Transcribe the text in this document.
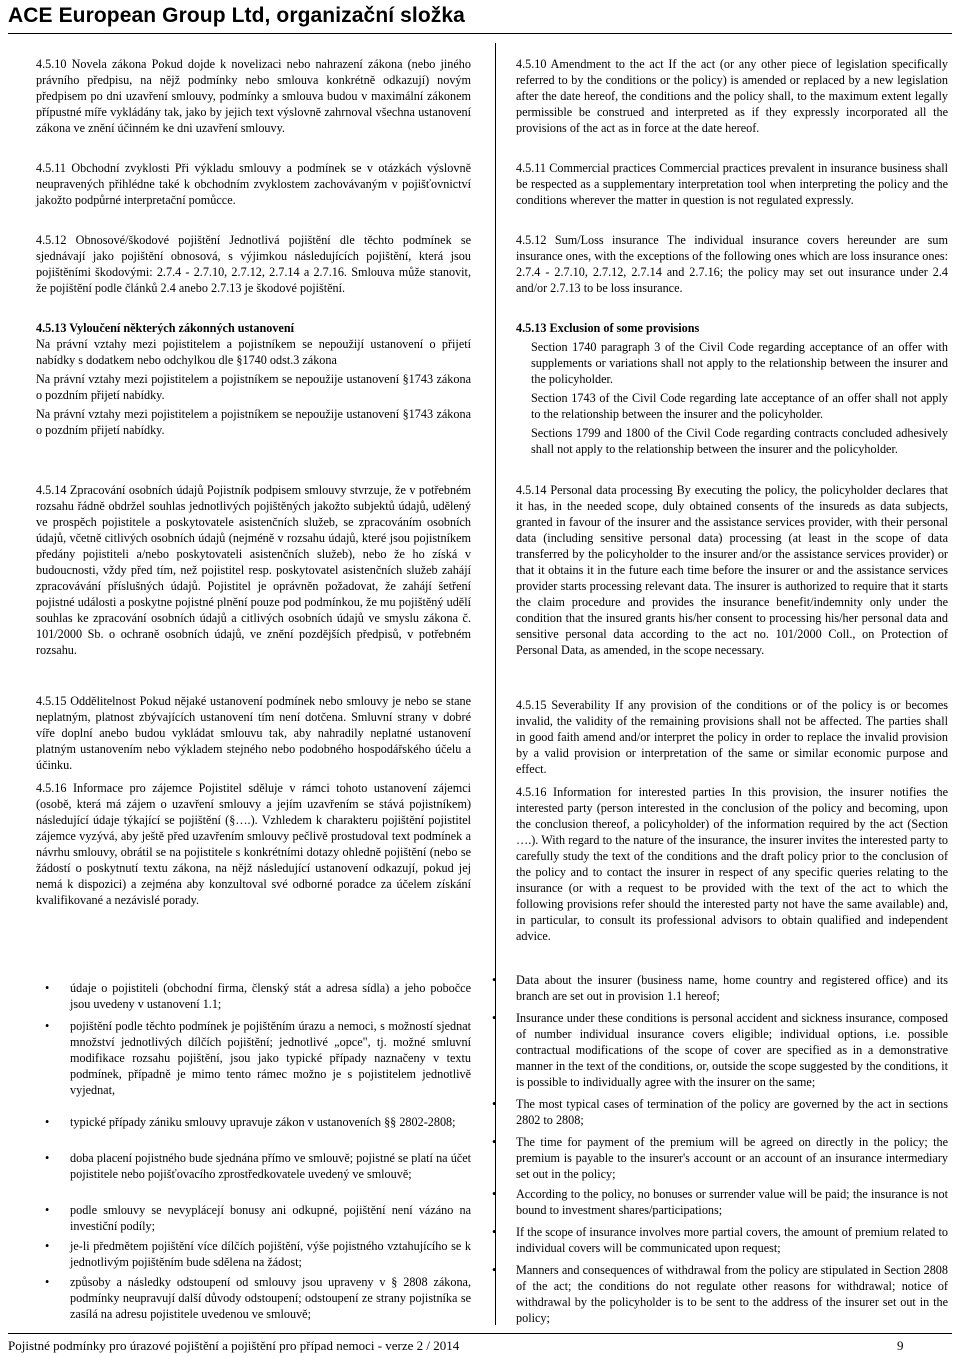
ACE European Group Ltd, organizační složka

4.5.10 Novela zákona Pokud dojde k novelizaci nebo nahrazení zákona (nebo jiného právního předpisu, na nějž podmínky nebo smlouva konkrétně odkazují) novým předpisem po dni uzavření smlouvy, podmínky a smlouva budou v maximální zákonem přípustné míře vykládány tak, jako by jejich text výslovně zahrnoval všechna ustanovení zákona ve znění účinném ke dni uzavření smlouvy.

4.5.11 Obchodní zvyklosti Při výkladu smlouvy a podmínek se v otázkách výslovně neupravených přihlédne také k obchodním zvyklostem zachovávaným v pojišťovnictví jakožto podpůrné interpretační pomůcce.

4.5.12 Obnosové/škodové pojištění Jednotlivá pojištění dle těchto podmínek se sjednávají jako pojištění obnosová, s výjimkou následujících pojištění, která jsou pojištěními škodovými: 2.7.4 - 2.7.10, 2.7.12, 2.7.14 a 2.7.16. Smlouva může stanovit, že pojištění podle článků 2.4 anebo 2.7.13 je škodové pojištění.

4.5.13 Vyloučení některých zákonných ustanovení

Na právní vztahy mezi pojistitelem a pojistníkem se nepoužijí ustanovení o přijetí nabídky s dodatkem nebo odchylkou dle §1740 odst.3 zákona

Na právní vztahy mezi pojistitelem a pojistníkem se nepoužije ustanovení §1743 zákona o pozdním přijetí nabídky.

Na právní vztahy mezi pojistitelem a pojistníkem se nepoužije ustanovení §1743 zákona o pozdním přijetí nabídky.

4.5.14 Zpracování osobních údajů Pojistník podpisem smlouvy stvrzuje, že v potřebném rozsahu řádně obdržel souhlas jednotlivých pojištěných jakožto subjektů údajů, udělený ve prospěch pojistitele a poskytovatele asistenčních služeb, se zpracováním osobních údajů, včetně citlivých osobních údajů (nejméně v rozsahu údajů, které jsou pojistníkem předány pojistiteli a/nebo poskytovateli asistenčních služeb), nebo že ho získá v budoucnosti, vždy před tím, než pojistitel resp. poskytovatel asistenčních služeb zahájí zpracovávání příslušných údajů. Pojistitel je oprávněn požadovat, že zahájí šetření pojistné události a poskytne pojistné plnění pouze pod podmínkou, že mu pojištěný udělí souhlas ke zpracování osobních údajů a citlivých osobních údajů ve smyslu zákona č. 101/2000 Sb. o ochraně osobních údajů, ve znění pozdějších předpisů, v potřebném rozsahu.

4.5.15 Oddělitelnost Pokud nějaké ustanovení podmínek nebo smlouvy je nebo se stane neplatným, platnost zbývajících ustanovení tím není dotčena. Smluvní strany v dobré víře doplní anebo budou vykládat smlouvu tak, aby nahradily neplatné ustanovení platným ustanovením nebo výkladem stejného nebo podobného hospodářského účelu a účinku.

4.5.16 Informace pro zájemce Pojistitel sděluje v rámci tohoto ustanovení zájemci (osobě, která má zájem o uzavření smlouvy a jejím uzavřením se stává pojistníkem) následující údaje týkající se pojištění (§….). Vzhledem k charakteru pojištění pojistitel zájemce vyzývá, aby ještě před uzavřením smlouvy pečlivě prostudoval text podmínek a návrhu smlouvy, obrátil se na pojistitele s konkrétními dotazy ohledně pojištění (nebo se žádostí o poskytnutí textu zákona, na nějž následující ustanovení odkazují, pokud jej nemá k dispozici) a zejména aby konzultoval své odborné poradce za účelem získání kvalifikované a nezávislé porady.

• údaje o pojistiteli (obchodní firma, členský stát a adresa sídla) a jeho pobočce jsou uvedeny v ustanovení 1.1;

• pojištění podle těchto podmínek je pojištěním úrazu a nemoci, s možností sjednat množství jednotlivých dílčích pojištění; jednotlivé „opce", tj. možné smluvní modifikace rozsahu pojištění, jsou jako typické případy naznačeny v textu podmínek, případně je mimo tento rámec možno je s pojistitelem jednotlivě vyjednat,

• typické případy zániku smlouvy upravuje zákon v ustanoveních §§ 2802-2808;

• doba placení pojistného bude sjednána přímo ve smlouvě; pojistné se platí na účet pojistitele nebo pojišťovacího zprostředkovatele uvedený ve smlouvě;

• podle smlouvy se nevyplácejí bonusy ani odkupné, pojištění není vázáno na investiční podíly;

• je-li předmětem pojištění více dílčích pojištění, výše pojistného vztahujícího se k jednotlivým pojištěním bude sdělena na žádost;

• způsoby a následky odstoupení od smlouvy jsou upraveny v § 2808 zákona, podmínky neupravují další důvody odstoupení; odstoupení ze strany pojistníka se zasílá na adresu pojistitele uvedenou ve smlouvě;

4.5.10 Amendment to the act If the act (or any other piece of legislation specifically referred to by the conditions or the policy) is amended or replaced by a new legislation after the date hereof, the conditions and the policy shall, to the maximum extent legally permissible be construed and interpreted as if they expressly incorporated all the provisions of the act as in force at the date hereof.

4.5.11 Commercial practices Commercial practices prevalent in insurance business shall be respected as a supplementary interpretation tool when interpreting the policy and the conditions wherever the matter in question is not regulated expressly.

4.5.12 Sum/Loss insurance The individual insurance covers hereunder are sum insurance ones, with the exceptions of the following ones which are loss insurance ones: 2.7.4 - 2.7.10, 2.7.12, 2.7.14 and 2.7.16; the policy may set out insurance under 2.4 and/or 2.7.13 to be loss insurance.

4.5.13 Exclusion of some provisions

Section 1740 paragraph 3 of the Civil Code regarding acceptance of an offer with supplements or variations shall not apply to the relationship between the insurer and the policyholder.

Section 1743 of the Civil Code regarding late acceptance of an offer shall not apply to the relationship between the insurer and the policyholder.

Sections 1799 and 1800 of the Civil Code regarding contracts concluded adhesively shall not apply to the relationship between the insurer and the policyholder.

4.5.14 Personal data processing By executing the policy, the policyholder declares that it has, in the needed scope, duly obtained consents of the insureds as data subjects, granted in favour of the insurer and the assistance services provider, with their personal data (including sensitive personal data) processing (at least in the scope of data transferred by the policyholder to the insurer and/or the assistance services provider) or that it obtains it in the future each time before the insurer or and the assistance services provider starts processing relevant data. The insurer is authorized to require that it starts the claim procedure and provides the insurance benefit/indemnity only under the condition that the insured grants his/her consent to processing his/her personal data and sensitive personal data according to the act no. 101/2000 Coll., on Protection of Personal Data, as amended, in the scope necessary.

4.5.15 Severability If any provision of the conditions or of the policy is or becomes invalid, the validity of the remaining provisions shall not be affected. The parties shall in good faith amend and/or interpret the policy in order to replace the invalid provision by a valid provision or interpretation of the same or similar economic purpose and effect.

4.5.16 Information for interested parties In this provision, the insurer notifies the interested party (person interested in the conclusion of the policy and becoming, upon the conclusion thereof, a policyholder) of the information required by the act (Section ….). With regard to the nature of the insurance, the insurer invites the interested party to carefully study the text of the conditions and the draft policy prior to the conclusion of the policy and to contact the insurer in respect of any specific queries relating to the insurance (or with a request to be provided with the text of the act to which the following provisions refer should the interested party not have the same available) and, in particular, to consult its professional advisors to obtain qualified and independent advice.

• Data about the insurer (business name, home country and registered office) and its branch are set out in provision 1.1 hereof;

• Insurance under these conditions is personal accident and sickness insurance, composed of number individual insurance covers eligible; individual options, i.e. possible contractual modifications of the scope of cover are specified as in a demonstrative manner in the text of the conditions, or, outside the scope suggested by the conditions, it is possible to individually agree with the insurer on the same;

• The most typical cases of termination of the policy are governed by the act in sections 2802 to 2808;

• The time for payment of the premium will be agreed on directly in the policy; the premium is payable to the insurer's account or an account of an insurance intermediary set out in the policy;

• According to the policy, no bonuses or surrender value will be paid; the insurance is not bound to investment shares/participations;

• If the scope of insurance involves more partial covers, the amount of premium related to individual covers will be communicated upon request;

• Manners and consequences of withdrawal from the policy are stipulated in Section 2808 of the act; the conditions do not regulate other reasons for withdrawal; notice of withdrawal by the policyholder is to be sent to the address of the insurer set out in the policy;

Pojistné podmínky pro úrazové pojištění a pojištění pro případ nemoci - verze 2 / 2014	9
